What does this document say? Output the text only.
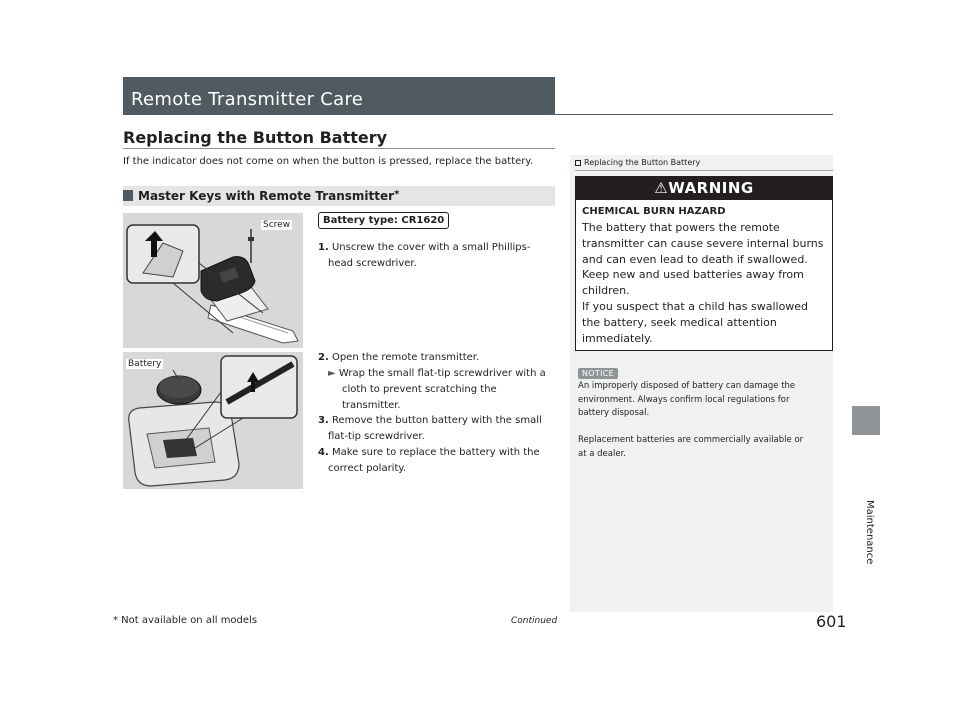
Remote Transmitter Care
Replacing the Button Battery
If the indicator does not come on when the button is pressed, replace the battery.
Master Keys with Remote Transmitter*
Screw
Battery
Battery type: CR1620
1. Unscrew the cover with a small Phillips-
head screwdriver.
2. Open the remote transmitter.
► Wrap the small flat-tip screwdriver with a
cloth to prevent scratching the
transmitter.
3. Remove the button battery with the small
flat-tip screwdriver.
4. Make sure to replace the battery with the
correct polarity.
Replacing the Button Battery
⚠WARNING
CHEMICAL BURN HAZARD
The battery that powers the remote
transmitter can cause severe internal burns
and can even lead to death if swallowed.
Keep new and used batteries away from
children.
If you suspect that a child has swallowed
the battery, seek medical attention
immediately.
NOTICE
An improperly disposed of battery can damage the
environment. Always confirm local regulations for
battery disposal.
Replacement batteries are commercially available or
at a dealer.
Maintenance
* Not available on all models	Continued	601
